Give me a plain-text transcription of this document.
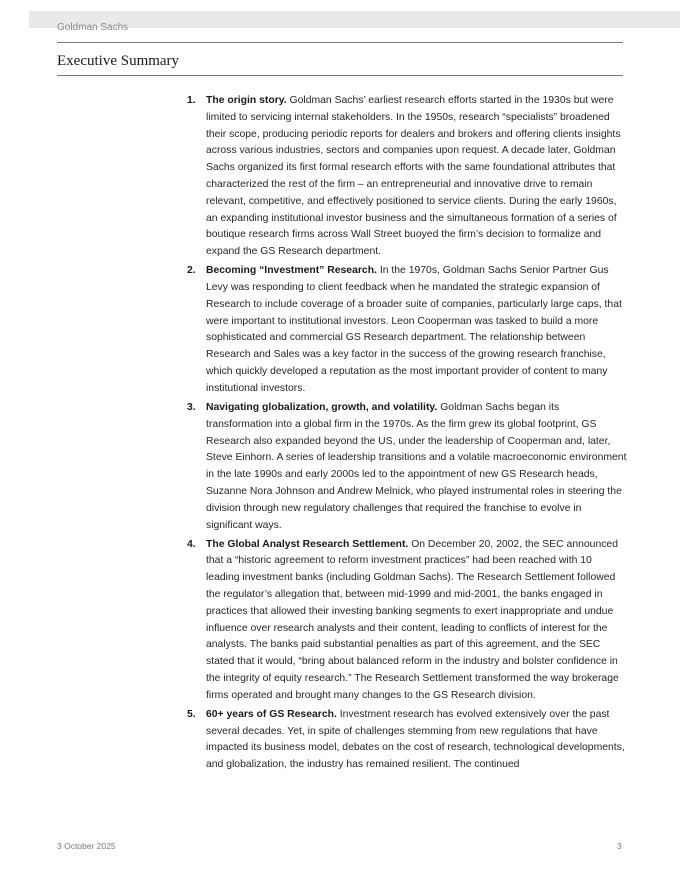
Goldman Sachs
Executive Summary
1. The origin story. Goldman Sachs’ earliest research efforts started in the 1930s but were limited to servicing internal stakeholders. In the 1950s, research “specialists” broadened their scope, producing periodic reports for dealers and brokers and offering clients insights across various industries, sectors and companies upon request. A decade later, Goldman Sachs organized its first formal research efforts with the same foundational attributes that characterized the rest of the firm – an entrepreneurial and innovative drive to remain relevant, competitive, and effectively positioned to service clients. During the early 1960s, an expanding institutional investor business and the simultaneous formation of a series of boutique research firms across Wall Street buoyed the firm’s decision to formalize and expand the GS Research department.
2. Becoming “Investment” Research. In the 1970s, Goldman Sachs Senior Partner Gus Levy was responding to client feedback when he mandated the strategic expansion of Research to include coverage of a broader suite of companies, particularly large caps, that were important to institutional investors. Leon Cooperman was tasked to build a more sophisticated and commercial GS Research department. The relationship between Research and Sales was a key factor in the success of the growing research franchise, which quickly developed a reputation as the most important provider of content to many institutional investors.
3. Navigating globalization, growth, and volatility. Goldman Sachs began its transformation into a global firm in the 1970s. As the firm grew its global footprint, GS Research also expanded beyond the US, under the leadership of Cooperman and, later, Steve Einhorn. A series of leadership transitions and a volatile macroeconomic environment in the late 1990s and early 2000s led to the appointment of new GS Research heads, Suzanne Nora Johnson and Andrew Melnick, who played instrumental roles in steering the division through new regulatory challenges that required the franchise to evolve in significant ways.
4. The Global Analyst Research Settlement. On December 20, 2002, the SEC announced that a “historic agreement to reform investment practices” had been reached with 10 leading investment banks (including Goldman Sachs). The Research Settlement followed the regulator’s allegation that, between mid-1999 and mid-2001, the banks engaged in practices that allowed their investing banking segments to exert inappropriate and undue influence over research analysts and their content, leading to conflicts of interest for the analysts. The banks paid substantial penalties as part of this agreement, and the SEC stated that it would, “bring about balanced reform in the industry and bolster confidence in the integrity of equity research.” The Research Settlement transformed the way brokerage firms operated and brought many changes to the GS Research division.
5. 60+ years of GS Research. Investment research has evolved extensively over the past several decades. Yet, in spite of challenges stemming from new regulations that have impacted its business model, debates on the cost of research, technological developments, and globalization, the industry has remained resilient. The continued
3 October 2025	3
